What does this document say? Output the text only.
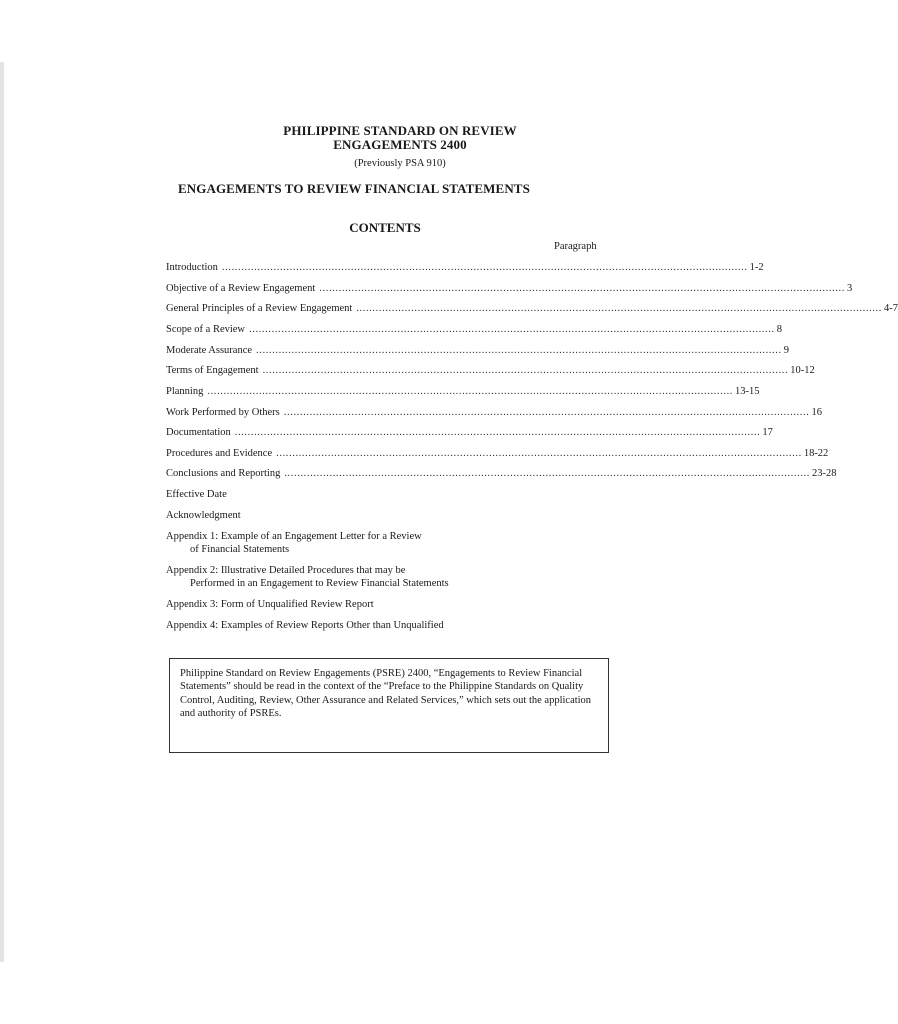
PHILIPPINE STANDARD ON REVIEW
ENGAGEMENTS 2400
(Previously PSA 910)
ENGAGEMENTS TO REVIEW FINANCIAL STATEMENTS
CONTENTS
Paragraph
Introduction ................................................................................................................................................................... 1-2
Objective of a Review Engagement ................................................................................................................................................................... 3
General Principles of a Review Engagement ................................................................................................................................................................... 4-7
Scope of a Review ................................................................................................................................................................... 8
Moderate Assurance ................................................................................................................................................................... 9
Terms of Engagement ................................................................................................................................................................... 10-12
Planning ................................................................................................................................................................... 13-15
Work Performed by Others ................................................................................................................................................................... 16
Documentation ................................................................................................................................................................... 17
Procedures and Evidence ................................................................................................................................................................... 18-22
Conclusions and Reporting ................................................................................................................................................................... 23-28
Effective Date
Acknowledgment
Appendix 1: Example of an Engagement Letter for a Review
of Financial Statements
Appendix 2: Illustrative Detailed Procedures that may be
Performed in an Engagement to Review Financial Statements
Appendix 3: Form of Unqualified Review Report
Appendix 4: Examples of Review Reports Other than Unqualified
Philippine Standard on Review Engagements (PSRE) 2400, “Engagements to Review Financial Statements” should be read in the context of the “Preface to the Philippine Standards on Quality Control, Auditing, Review, Other Assurance and Related Services,” which sets out the application and authority of PSREs.
